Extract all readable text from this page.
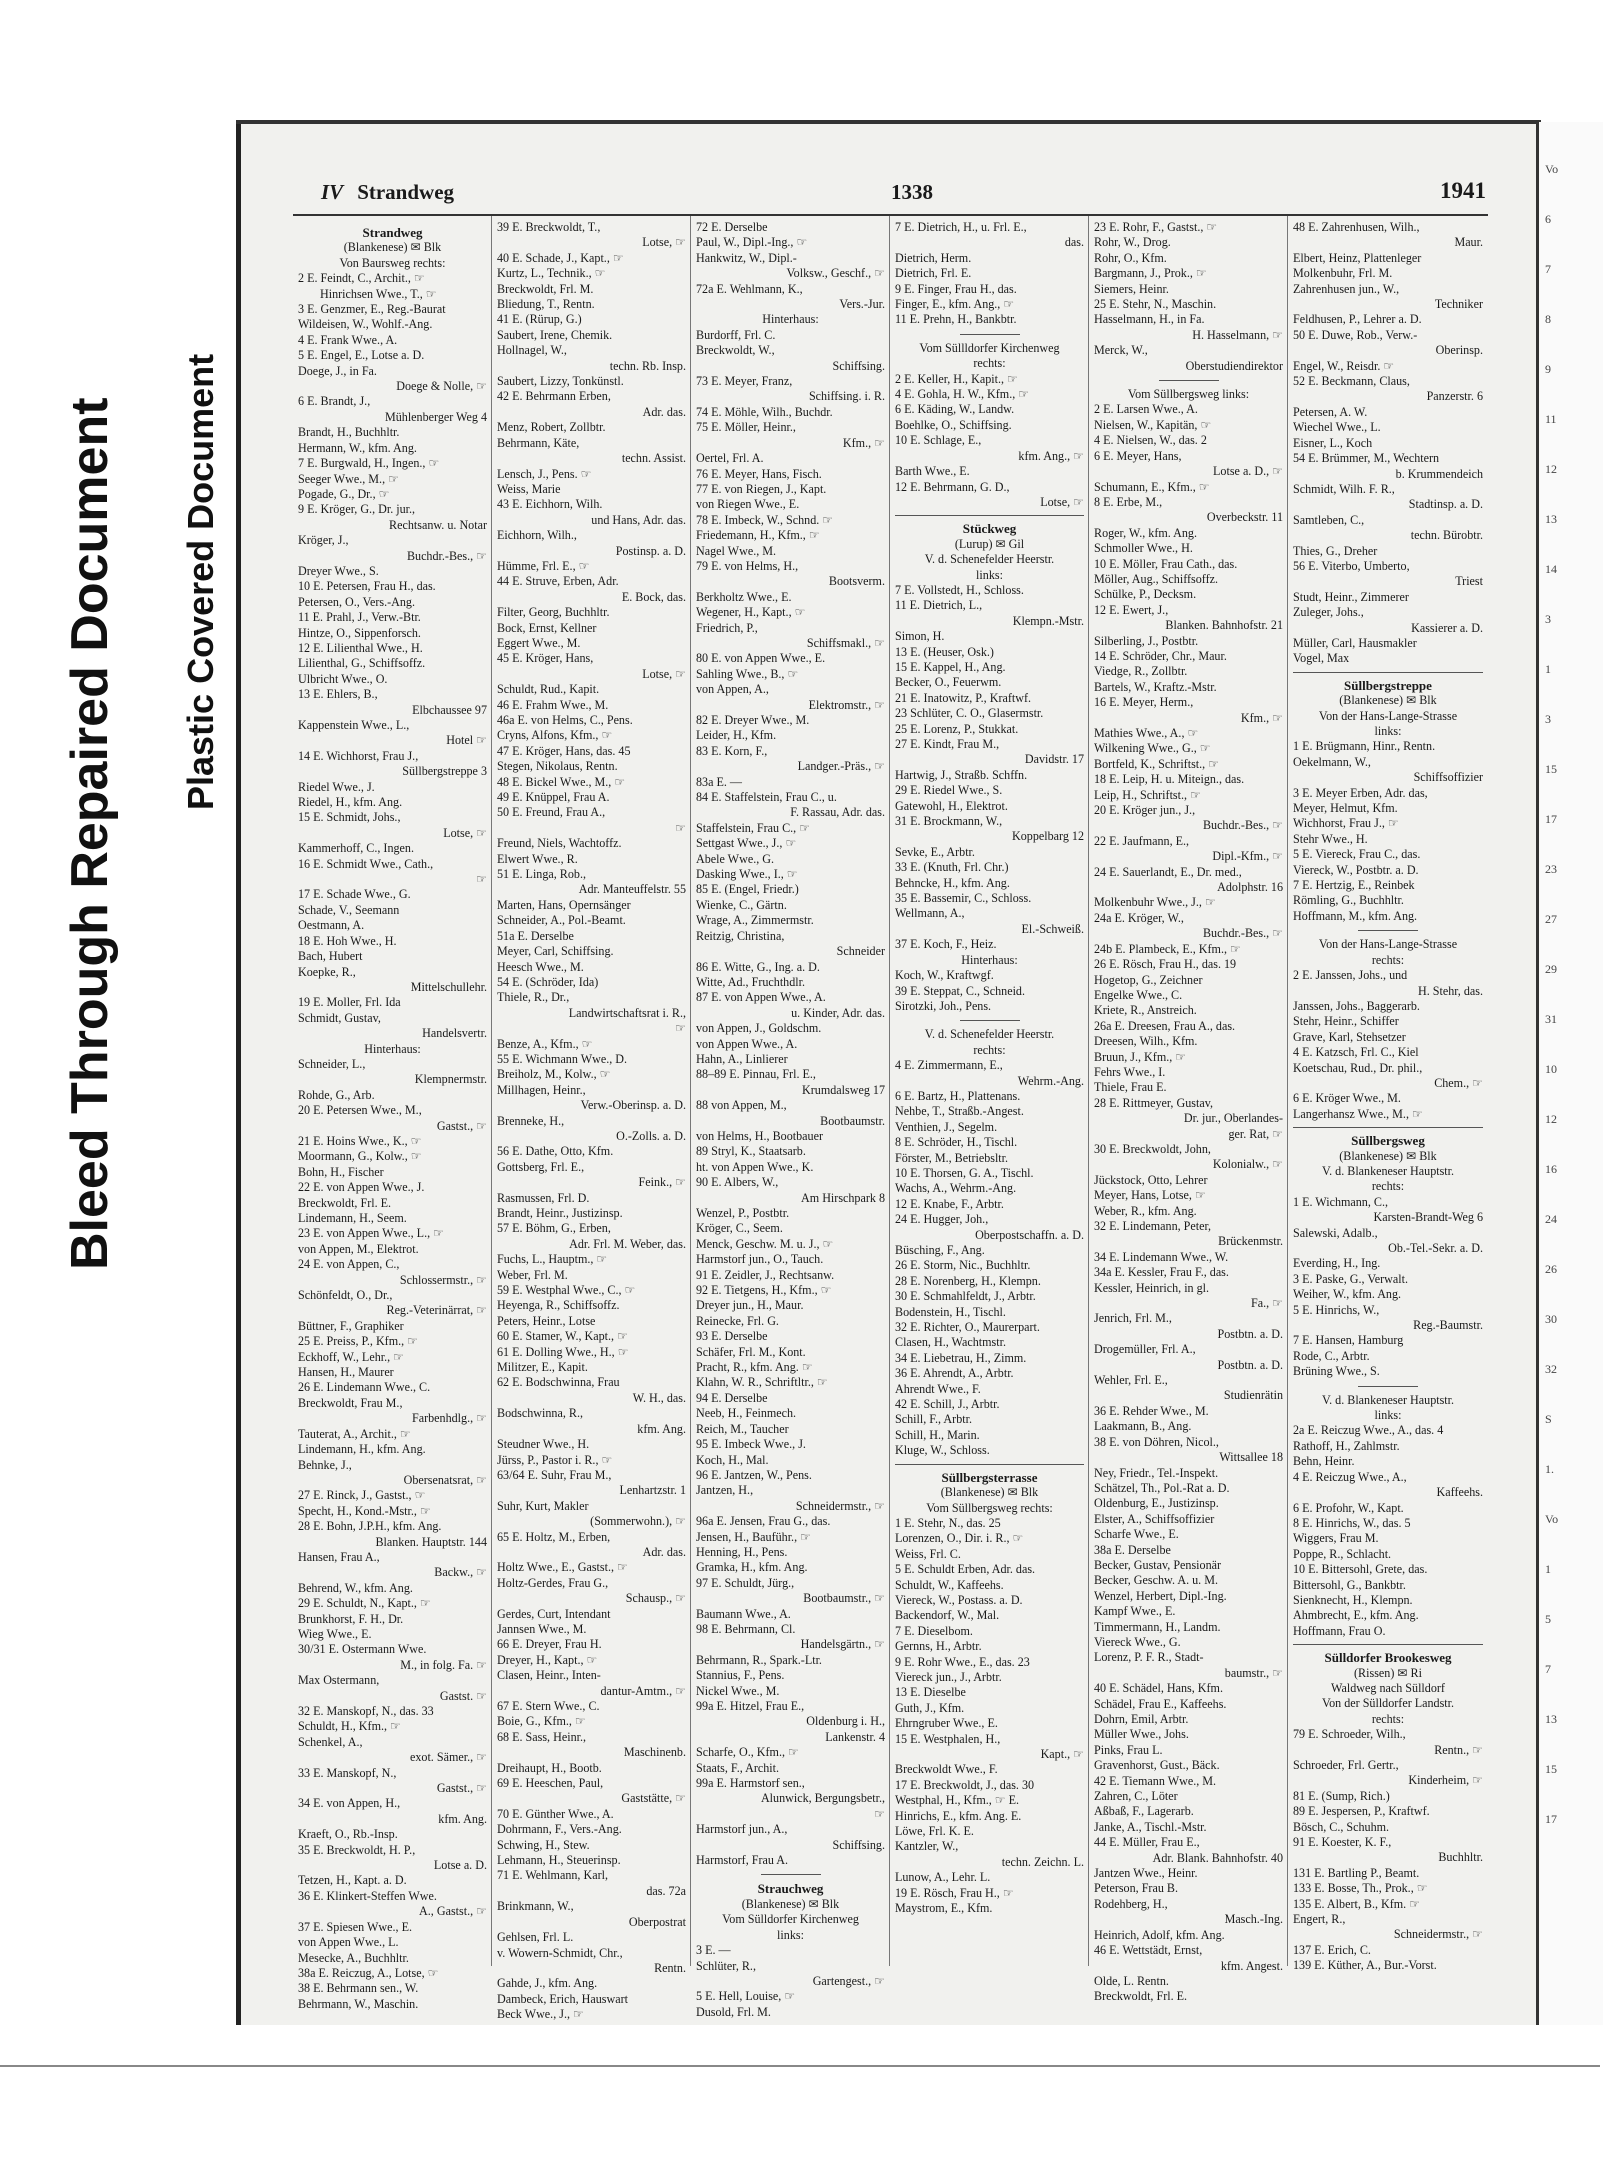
Bleed Through Repaired Document Plastic Covered Document
IV Strandweg	1338	1941
Strandweg
(Blankenese) ✉ Blk
Von Baursweg rechts:
2 E. Feindt, C., Archit., ☞
Hinrichsen Wwe., T., ☞
3 E. Genzmer, E., Reg.-Baurat
Wildeisen, W., Wohlf.-Ang.
4 E. Frank Wwe., A.
5 E. Engel, E., Lotse a. D.
Doege, J., in Fa.
Doege & Nolle, ☞
6 E. Brandt, J.,
Mühlenberger Weg 4
Brandt, H., Buchhltr.
Hermann, W., kfm. Ang.
7 E. Burgwald, H., Ingen., ☞
Seeger Wwe., M., ☞
Pogade, G., Dr., ☞
9 E. Kröger, G., Dr. jur.,
Rechtsanw. u. Notar
Kröger, J.,
Buchdr.-Bes., ☞
Dreyer Wwe., S.
10 E. Petersen, Frau H., das.
Petersen, O., Vers.-Ang.
11 E. Prahl, J., Verw.-Btr.
Hintze, O., Sippenforsch.
12 E. Lilienthal Wwe., H.
Lilienthal, G., Schiffsoffz.
Ulbricht Wwe., O.
13 E. Ehlers, B.,
Elbchaussee 97
Kappenstein Wwe., L.,
Hotel ☞
14 E. Wichhorst, Frau J.,
Süllbergstreppe 3
Riedel Wwe., J.
Riedel, H., kfm. Ang.
15 E. Schmidt, Johs.,
Lotse, ☞
Kammerhoff, C., Ingen.
16 E. Schmidt Wwe., Cath.,
☞
17 E. Schade Wwe., G.
Schade, V., Seemann
Oestmann, A.
18 E. Hoh Wwe., H.
Bach, Hubert
Koepke, R.,
Mittelschullehr.
19 E. Moller, Frl. Ida
Schmidt, Gustav,
Handelsvertr.
Hinterhaus:
Schneider, L.,
Klempnermstr.
Rohde, G., Arb.
20 E. Petersen Wwe., M.,
Gastst., ☞
21 E. Hoins Wwe., K., ☞
Moormann, G., Kolw., ☞
Bohn, H., Fischer
22 E. von Appen Wwe., J.
Breckwoldt, Frl. E.
Lindemann, H., Seem.
23 E. von Appen Wwe., L., ☞
von Appen, M., Elektrot.
24 E. von Appen, C.,
Schlossermstr., ☞
Schönfeldt, O., Dr.,
Reg.-Veterinärrat, ☞
Büttner, F., Graphiker
25 E. Preiss, P., Kfm., ☞
Eckhoff, W., Lehr., ☞
Hansen, H., Maurer
26 E. Lindemann Wwe., C.
Breckwoldt, Frau M.,
Farbenhdlg., ☞
Tauterat, A., Archit., ☞
Lindemann, H., kfm. Ang.
Behnke, J.,
Obersenatsrat, ☞
27 E. Rinck, J., Gastst., ☞
Specht, H., Kond.-Mstr., ☞
28 E. Bohn, J.P.H., kfm. Ang.
Blanken. Hauptstr. 144
Hansen, Frau A.,
Backw., ☞
Behrend, W., kfm. Ang.
29 E. Schuldt, N., Kapt., ☞
Brunkhorst, F. H., Dr.
Wieg Wwe., E.
30/31 E. Ostermann Wwe.
M., in folg. Fa. ☞
Max Ostermann,
Gastst. ☞
32 E. Manskopf, N., das. 33
Schuldt, H., Kfm., ☞
Schenkel, A.,
exot. Sämer., ☞
33 E. Manskopf, N.,
Gastst., ☞
34 E. von Appen, H.,
kfm. Ang.
Kraeft, O., Rb.-Insp.
35 E. Breckwoldt, H. P.,
Lotse a. D.
Tetzen, H., Kapt. a. D.
36 E. Klinkert-Steffen Wwe.
A., Gastst., ☞
37 E. Spiesen Wwe., E.
von Appen Wwe., L.
Mesecke, A., Buchhltr.
38a E. Reiczug, A., Lotse, ☞
38 E. Behrmann sen., W.
Behrmann, W., Maschin.
39 E. Breckwoldt, T.,
Lotse, ☞
40 E. Schade, J., Kapt., ☞
Kurtz, L., Technik., ☞
Breckwoldt, Frl. M.
Bliedung, T., Rentn.
41 E. (Rürup, G.)
Saubert, Irene, Chemik.
Hollnagel, W.,
techn. Rb. Insp.
Saubert, Lizzy, Tonkünstl.
42 E. Behrmann Erben,
Adr. das.
Menz, Robert, Zollbtr.
Behrmann, Käte,
techn. Assist.
Lensch, J., Pens. ☞
Weiss, Marie
43 E. Eichhorn, Wilh.
und Hans, Adr. das.
Eichhorn, Wilh.,
Postinsp. a. D.
Hümme, Frl. E., ☞
44 E. Struve, Erben, Adr.
E. Bock, das.
Filter, Georg, Buchhltr.
Bock, Ernst, Kellner
Eggert Wwe., M.
45 E. Kröger, Hans,
Lotse, ☞
Schuldt, Rud., Kapit.
46 E. Frahm Wwe., M.
46a E. von Helms, C., Pens.
Cryns, Alfons, Kfm., ☞
47 E. Kröger, Hans, das. 45
Stegen, Nikolaus, Rentn.
48 E. Bickel Wwe., M., ☞
49 E. Knüppel, Frau A.
50 E. Freund, Frau A.,
☞
Freund, Niels, Wachtoffz.
Elwert Wwe., R.
51 E. Linga, Rob.,
Adr. Manteuffelstr. 55
Marten, Hans, Opernsänger
Schneider, A., Pol.-Beamt.
51a E. Derselbe
Meyer, Carl, Schiffsing.
Heesch Wwe., M.
54 E. (Schröder, Ida)
Thiele, R., Dr.,
Landwirtschaftsrat i. R.,
☞
Benze, A., Kfm., ☞
55 E. Wichmann Wwe., D.
Breiholz, M., Kolw., ☞
Millhagen, Heinr.,
Verw.-Oberinsp. a. D.
Brenneke, H.,
O.-Zolls. a. D.
56 E. Dathe, Otto, Kfm.
Gottsberg, Frl. E.,
Feink., ☞
Rasmussen, Frl. D.
Brandt, Heinr., Justizinsp.
57 E. Böhm, G., Erben,
Adr. Frl. M. Weber, das.
Fuchs, L., Hauptm., ☞
Weber, Frl. M.
59 E. Westphal Wwe., C., ☞
Heyenga, R., Schiffsoffz.
Peters, Heinr., Lotse
60 E. Stamer, W., Kapt., ☞
61 E. Dolling Wwe., H., ☞
Militzer, E., Kapit.
62 E. Bodschwinna, Frau
W. H., das.
Bodschwinna, R.,
kfm. Ang.
Steudner Wwe., H.
Jürss, P., Pastor i. R., ☞
63/64 E. Suhr, Frau M.,
Lenhartzstr. 1
Suhr, Kurt, Makler
(Sommerwohn.), ☞
65 E. Holtz, M., Erben,
Adr. das.
Holtz Wwe., E., Gastst., ☞
Holtz-Gerdes, Frau G.,
Schausp., ☞
Gerdes, Curt, Intendant
Jannsen Wwe., M.
66 E. Dreyer, Frau H.
Dreyer, H., Kapt., ☞
Clasen, Heinr., Inten-
dantur-Amtm., ☞
67 E. Stern Wwe., C.
Boie, G., Kfm., ☞
68 E. Sass, Heinr.,
Maschinenb.
Dreihaupt, H., Bootb.
69 E. Heeschen, Paul,
Gaststätte, ☞
70 E. Günther Wwe., A.
Dohrmann, F., Vers.-Ang.
Schwing, H., Stew.
Lehmann, H., Steuerinsp.
71 E. Wehlmann, Karl,
das. 72a
Brinkmann, W.,
Oberpostrat
Gehlsen, Frl. L.
v. Wowern-Schmidt, Chr.,
Rentn.
Gahde, J., kfm. Ang.
Dambeck, Erich, Hauswart
Beck Wwe., J., ☞
72 E. Derselbe
Paul, W., Dipl.-Ing., ☞
Hankwitz, W., Dipl.-
Volksw., Geschf., ☞
72a E. Wehlmann, K.,
Vers.-Jur.
Hinterhaus:
Burdorff, Frl. C.
Breckwoldt, W.,
Schiffsing.
73 E. Meyer, Franz,
Schiffsing. i. R.
74 E. Möhle, Wilh., Buchdr.
75 E. Möller, Heinr.,
Kfm., ☞
Oertel, Frl. A.
76 E. Meyer, Hans, Fisch.
77 E. von Riegen, J., Kapt.
von Riegen Wwe., E.
78 E. Imbeck, W., Schnd. ☞
Friedemann, H., Kfm., ☞
Nagel Wwe., M.
79 E. von Helms, H.,
Bootsverm.
Berkholtz Wwe., E.
Wegener, H., Kapt., ☞
Friedrich, P.,
Schiffsmakl., ☞
80 E. von Appen Wwe., E.
Sahling Wwe., B., ☞
von Appen, A.,
Elektromstr., ☞
82 E. Dreyer Wwe., M.
Leider, H., Kfm.
83 E. Korn, F.,
Landger.-Präs., ☞
83a E. —
84 E. Staffelstein, Frau C., u.
F. Rassau, Adr. das.
Staffelstein, Frau C., ☞
Settgast Wwe., J., ☞
Abele Wwe., G.
Dasking Wwe., I., ☞
85 E. (Engel, Friedr.)
Wienke, C., Gärtn.
Wrage, A., Zimmermstr.
Reitzig, Christina,
Schneider
86 E. Witte, G., Ing. a. D.
Witte, Ad., Fruchthdlr.
87 E. von Appen Wwe., A.
u. Kinder, Adr. das.
von Appen, J., Goldschm.
von Appen Wwe., A.
Hahn, A., Linlierer
88–89 E. Pinnau, Frl. E.,
Krumdalsweg 17
88 von Appen, M.,
Bootbaumstr.
von Helms, H., Bootbauer
89 Stryl, K., Staatsarb.
ht. von Appen Wwe., K.
90 E. Albers, W.,
Am Hirschpark 8
Wenzel, P., Postbtr.
Kröger, C., Seem.
Menck, Geschw. M. u. J., ☞
Harmstorf jun., O., Tauch.
91 E. Zeidler, J., Rechtsanw.
92 E. Tietgens, H., Kfm., ☞
Dreyer jun., H., Maur.
Reinecke, Frl. G.
93 E. Derselbe
Schäfer, Frl. M., Kont.
Pracht, R., kfm. Ang. ☞
Klahn, W. R., Schriftltr., ☞
94 E. Derselbe
Neeb, H., Feinmech.
Reich, M., Taucher
95 E. Imbeck Wwe., J.
Koch, H., Mal.
96 E. Jantzen, W., Pens.
Jantzen, H.,
Schneidermstr., ☞
96a E. Jensen, Frau G., das.
Jensen, H., Bauführ., ☞
Henning, H., Pens.
Gramka, H., kfm. Ang.
97 E. Schuldt, Jürg.,
Bootbaumstr., ☞
Baumann Wwe., A.
98 E. Behrmann, Cl.
Handelsgärtn., ☞
Behrmann, R., Spark.-Ltr.
Stannius, F., Pens.
Nickel Wwe., M.
99a E. Hitzel, Frau E.,
Oldenburg i. H.,
Lankenstr. 4
Scharfe, O., Kfm., ☞
Staats, F., Archit.
99a E. Harmstorf sen.,
Alunwick, Bergungsbetr.,
☞
Harmstorf jun., A.,
Schiffsing.
Harmstorf, Frau A.
Strauchweg
(Blankenese) ✉ Blk
Vom Sülldorfer Kirchenweg
links:
3 E. —
Schlüter, R.,
Gartengest., ☞
5 E. Hell, Louise, ☞
Dusold, Frl. M.
7 E. Dietrich, H., u. Frl. E.,
das.
Dietrich, Herm.
Dietrich, Frl. E.
9 E. Finger, Frau H., das.
Finger, E., kfm. Ang., ☞
11 E. Prehn, H., Bankbtr.
Vom Süllldorfer Kirchenweg
rechts:
2 E. Keller, H., Kapit., ☞
4 E. Gohla, H. W., Kfm., ☞
6 E. Käding, W., Landw.
Boehlke, O., Schiffsing.
10 E. Schlage, E.,
kfm. Ang., ☞
Barth Wwe., E.
12 E. Behrmann, G. D.,
Lotse, ☞
Stückweg
(Lurup) ✉ Gil
V. d. Schenefelder Heerstr.
links:
7 E. Vollstedt, H., Schloss.
11 E. Dietrich, L.,
Klempn.-Mstr.
Simon, H.
13 E. (Heuser, Osk.)
15 E. Kappel, H., Ang.
Becker, O., Feuerwm.
21 E. Inatowitz, P., Kraftwf.
23 Schlüter, C. O., Glasermstr.
25 E. Lorenz, P., Stukkat.
27 E. Kindt, Frau M.,
Davidstr. 17
Hartwig, J., Straßb. Schffn.
29 E. Riedel Wwe., S.
Gatewohl, H., Elektrot.
31 E. Brockmann, W.,
Koppelbarg 12
Sevke, E., Arbtr.
33 E. (Knuth, Frl. Chr.)
Behncke, H., kfm. Ang.
35 E. Bassemir, C., Schloss.
Wellmann, A.,
El.-Schweiß.
37 E. Koch, F., Heiz.
Hinterhaus:
Koch, W., Kraftwgf.
39 E. Steppat, C., Schneid.
Sirotzki, Joh., Pens.
V. d. Schenefelder Heerstr.
rechts:
4 E. Zimmermann, E.,
Wehrm.-Ang.
6 E. Bartz, H., Plattenans.
Nehbe, T., Straßb.-Angest.
Venthien, J., Segelm.
8 E. Schröder, H., Tischl.
Förster, M., Betriebsltr.
10 E. Thorsen, G. A., Tischl.
Wachs, A., Wehrm.-Ang.
12 E. Knabe, F., Arbtr.
24 E. Hugger, Joh.,
Oberpostschaffn. a. D.
Büsching, F., Ang.
26 E. Storm, Nic., Buchhltr.
28 E. Norenberg, H., Klempn.
30 E. Schmahlfeldt, J., Arbtr.
Bodenstein, H., Tischl.
32 E. Richter, O., Maurerpart.
Clasen, H., Wachtmstr.
34 E. Liebetrau, H., Zimm.
36 E. Ahrendt, A., Arbtr.
Ahrendt Wwe., F.
42 E. Schill, J., Arbtr.
Schill, F., Arbtr.
Schill, H., Marin.
Kluge, W., Schloss.
Süllbergsterrasse
(Blankenese) ✉ Blk
Vom Süllbergsweg rechts:
1 E. Stehr, N., das. 25
Lorenzen, O., Dir. i. R., ☞
Weiss, Frl. C.
5 E. Schuldt Erben, Adr. das.
Schuldt, W., Kaffeehs.
Viereck, W., Postass. a. D.
Backendorf, W., Mal.
7 E. Dieselbom.
Gernns, H., Arbtr.
9 E. Rohr Wwe., E., das. 23
Viereck jun., J., Arbtr.
13 E. Dieselbe
Guth, J., Kfm.
Ehrngruber Wwe., E.
15 E. Westphalen, H.,
Kapt., ☞
Breckwoldt Wwe., F.
17 E. Breckwoldt, J., das. 30
Westphal, H., Kfm., ☞ E.
Hinrichs, E., kfm. Ang. E.
Löwe, Frl. K. E.
Kantzler, W.,
techn. Zeichn. L.
Lunow, A., Lehr. L.
19 E. Rösch, Frau H., ☞
Maystrom, E., Kfm.
23 E. Rohr, F., Gastst., ☞
Rohr, W., Drog.
Rohr, O., Kfm.
Bargmann, J., Prok., ☞
Siemers, Heinr.
25 E. Stehr, N., Maschin.
Hasselmann, H., in Fa.
H. Hasselmann, ☞
Merck, W.,
Oberstudiendirektor
Vom Süllbergsweg links:
2 E. Larsen Wwe., A.
Nielsen, W., Kapitän, ☞
4 E. Nielsen, W., das. 2
6 E. Meyer, Hans,
Lotse a. D., ☞
Schumann, E., Kfm., ☞
8 E. Erbe, M.,
Overbeckstr. 11
Roger, W., kfm. Ang.
Schmoller Wwe., H.
10 E. Möller, Frau Cath., das.
Möller, Aug., Schiffsoffz.
Schülke, P., Decksm.
12 E. Ewert, J.,
Blanken. Bahnhofstr. 21
Silberling, J., Postbtr.
14 E. Schröder, Chr., Maur.
Viedge, R., Zollbtr.
Bartels, W., Kraftz.-Mstr.
16 E. Meyer, Herm.,
Kfm., ☞
Mathies Wwe., A., ☞
Wilkening Wwe., G., ☞
Bortfeld, K., Schriftst., ☞
18 E. Leip, H. u. Miteign., das.
Leip, H., Schriftst., ☞
20 E. Kröger jun., J.,
Buchdr.-Bes., ☞
22 E. Jaufmann, E.,
Dipl.-Kfm., ☞
24 E. Sauerlandt, E., Dr. med.,
Adolphstr. 16
Molkenbuhr Wwe., J., ☞
24a E. Kröger, W.,
Buchdr.-Bes., ☞
24b E. Plambeck, E., Kfm., ☞
26 E. Rösch, Frau H., das. 19
Hogetop, G., Zeichner
Engelke Wwe., C.
Kriete, R., Anstreich.
26a E. Dreesen, Frau A., das.
Dreesen, Wilh., Kfm.
Bruun, J., Kfm., ☞
Fehrs Wwe., I.
Thiele, Frau E.
28 E. Rittmeyer, Gustav,
Dr. jur., Oberlandes-
ger. Rat, ☞
30 E. Breckwoldt, John,
Kolonialw., ☞
Jückstock, Otto, Lehrer
Meyer, Hans, Lotse, ☞
Weber, R., kfm. Ang.
32 E. Lindemann, Peter,
Brückenmstr.
34 E. Lindemann Wwe., W.
34a E. Kessler, Frau F., das.
Kessler, Heinrich, in gl.
Fa., ☞
Jenrich, Frl. M.,
Postbtn. a. D.
Drogemüller, Frl. A.,
Postbtn. a. D.
Wehler, Frl. E.,
Studienrätin
36 E. Rehder Wwe., M.
Laakmann, B., Ang.
38 E. von Döhren, Nicol.,
Wittsallee 18
Ney, Friedr., Tel.-Inspekt.
Schätzel, Th., Pol.-Rat a. D.
Oldenburg, E., Justizinsp.
Elster, A., Schiffsoffizier
Scharfe Wwe., E.
38a E. Derselbe
Becker, Gustav, Pensionär
Becker, Geschw. A. u. M.
Wenzel, Herbert, Dipl.-Ing.
Kampf Wwe., E.
Timmermann, H., Landm.
Viereck Wwe., G.
Lorenz, P. F. R., Stadt-
baumstr., ☞
40 E. Schädel, Hans, Kfm.
Schädel, Frau E., Kaffeehs.
Dohrn, Emil, Arbtr.
Müller Wwe., Johs.
Pinks, Frau L.
Gravenhorst, Gust., Bäck.
42 E. Tiemann Wwe., M.
Zahren, C., Löter
Aßbaß, F., Lagerarb.
Janke, A., Tischl.-Mstr.
44 E. Müller, Frau E.,
Adr. Blank. Bahnhofstr. 40
Jantzen Wwe., Heinr.
Peterson, Frau B.
Rodehberg, H.,
Masch.-Ing.
Heinrich, Adolf, kfm. Ang.
46 E. Wettstädt, Ernst,
kfm. Angest.
Olde, L. Rentn.
Breckwoldt, Frl. E.
48 E. Zahrenhusen, Wilh.,
Maur.
Elbert, Heinz, Plattenleger
Molkenbuhr, Frl. M.
Zahrenhusen jun., W.,
Techniker
Feldhusen, P., Lehrer a. D.
50 E. Duwe, Rob., Verw.-
Oberinsp.
Engel, W., Reisdr. ☞
52 E. Beckmann, Claus,
Panzerstr. 6
Petersen, A. W.
Wiechel Wwe., L.
Eisner, L., Koch
54 E. Brümmer, M., Wechtern
b. Krummendeich
Schmidt, Wilh. F. R.,
Stadtinsp. a. D.
Samtleben, C.,
techn. Bürobtr.
Thies, G., Dreher
56 E. Viterbo, Umberto,
Triest
Studt, Heinr., Zimmerer
Zuleger, Johs.,
Kassierer a. D.
Müller, Carl, Hausmakler
Vogel, Max
Süllbergstreppe
(Blankenese) ✉ Blk
Von der Hans-Lange-Strasse
links:
1 E. Brügmann, Hinr., Rentn.
Oekelmann, W.,
Schiffsoffizier
3 E. Meyer Erben, Adr. das,
Meyer, Helmut, Kfm.
Wichhorst, Frau J., ☞
Stehr Wwe., H.
5 E. Viereck, Frau C., das.
Viereck, W., Postbtr. a. D.
7 E. Hertzig, E., Reinbek
Römling, G., Buchhltr.
Hoffmann, M., kfm. Ang.
Von der Hans-Lange-Strasse
rechts:
2 E. Janssen, Johs., und
H. Stehr, das.
Janssen, Johs., Baggerarb.
Stehr, Heinr., Schiffer
Grave, Karl, Stehsetzer
4 E. Katzsch, Frl. C., Kiel
Koetschau, Rud., Dr. phil.,
Chem., ☞
6 E. Kröger Wwe., M.
Langerhansz Wwe., M., ☞
Süllbergsweg
(Blankenese) ✉ Blk
V. d. Blankeneser Hauptstr.
rechts:
1 E. Wichmann, C.,
Karsten-Brandt-Weg 6
Salewski, Adalb.,
Ob.-Tel.-Sekr. a. D.
Everding, H., Ing.
3 E. Paske, G., Verwalt.
Weiher, W., kfm. Ang.
5 E. Hinrichs, W.,
Reg.-Baumstr.
7 E. Hansen, Hamburg
Rode, C., Arbtr.
Brüning Wwe., S.
V. d. Blankeneser Hauptstr.
links:
2a E. Reiczug Wwe., A., das. 4
Rathoff, H., Zahlmstr.
Behn, Heinr.
4 E. Reiczug Wwe., A.,
Kaffeehs.
6 E. Profohr, W., Kapt.
8 E. Hinrichs, W., das. 5
Wiggers, Frau M.
Poppe, R., Schlacht.
10 E. Bittersohl, Grete, das.
Bittersohl, G., Bankbtr.
Sienknecht, H., Klempn.
Ahmbrecht, E., kfm. Ang.
Hoffmann, Frau O.
Sülldorfer Brookesweg
(Rissen) ✉ Ri
Waldweg nach Sülldorf
Von der Sülldorfer Landstr.
rechts:
79 E. Schroeder, Wilh.,
Rentn., ☞
Schroeder, Frl. Gertr.,
Kinderheim, ☞
81 E. (Sump, Rich.)
89 E. Jespersen, P., Kraftwf.
Bösch, C., Schuhm.
91 E. Koester, K. F.,
Buchhltr.
131 E. Bartling P., Beamt.
133 E. Bosse, Th., Prok., ☞
135 E. Albert, B., Kfm. ☞
Engert, R.,
Schneidermstr., ☞
137 E. Erich, C.
139 E. Küther, A., Bur.-Vorst.
Vo
6
7
8
9
11
12
13
14
3
1
3
15
17
23
27
29
31
10
12
16
24
26
30
32
S
1.
Vo
1
5
7
13
15
17
